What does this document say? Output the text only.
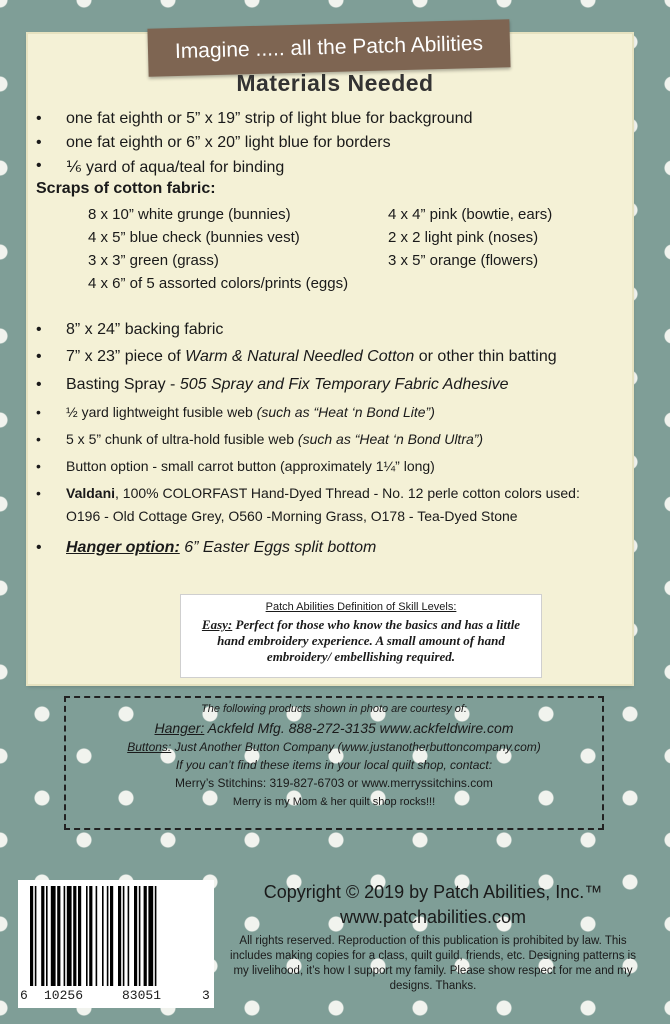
Imagine ..... all the Patch Abilities
Materials Needed
• one fat eighth or 5” x 19” strip of light blue for background
• one fat eighth or 6” x 20” light blue for borders
• ⅙ yard of aqua/teal for binding
Scraps of cotton fabric:
8 x 10” white grunge (bunnies)
4 x 5” blue check (bunnies vest)
3 x 3” green (grass)
4 x 6” of 5 assorted colors/prints (eggs)
4 x 4” pink (bowtie, ears)
2 x 2 light pink (noses)
3 x 5” orange (flowers)
• 8” x 24” backing fabric
• 7” x 23” piece of Warm & Natural Needled Cotton or other thin batting
• Basting Spray - 505 Spray and Fix Temporary Fabric Adhesive
• ½ yard lightweight fusible web (such as “Heat ‘n Bond Lite”)
• 5 x 5” chunk of ultra-hold fusible web (such as “Heat ‘n Bond Ultra”)
• Button option - small carrot button (approximately 1¼” long)
• Valdani, 100% COLORFAST Hand-Dyed Thread - No. 12 perle cotton colors used:
O196 - Old Cottage Grey, O560 -Morning Grass, O178 - Tea-Dyed Stone
• Hanger option: 6” Easter Eggs split bottom
Patch Abilities Definition of Skill Levels:
Easy: Perfect for those who know the basics and has a little hand embroidery experience. A small amount of hand embroidery/ embellishing required.
The following products shown in photo are courtesy of:
Hanger: Ackfeld Mfg. 888-272-3135 www.ackfeldwire.com
Buttons: Just Another Button Company (www.justanotherbuttoncompany.com)
If you can’t find these items in your local quilt shop, contact:
Merry’s Stitchins: 319-827-6703 or www.merryssitchins.com
Merry is my Mom & her quilt shop rocks!!!
6 10256	83051	3
Copyright © 2019 by Patch Abilities, Inc.™
www.patchabilities.com
All rights reserved. Reproduction of this publication is prohibited by law. This includes making copies for a class, quilt guild, friends, etc. Designing patterns is my livelihood, it’s how I support my family. Please show respect for me and my designs. Thanks.
